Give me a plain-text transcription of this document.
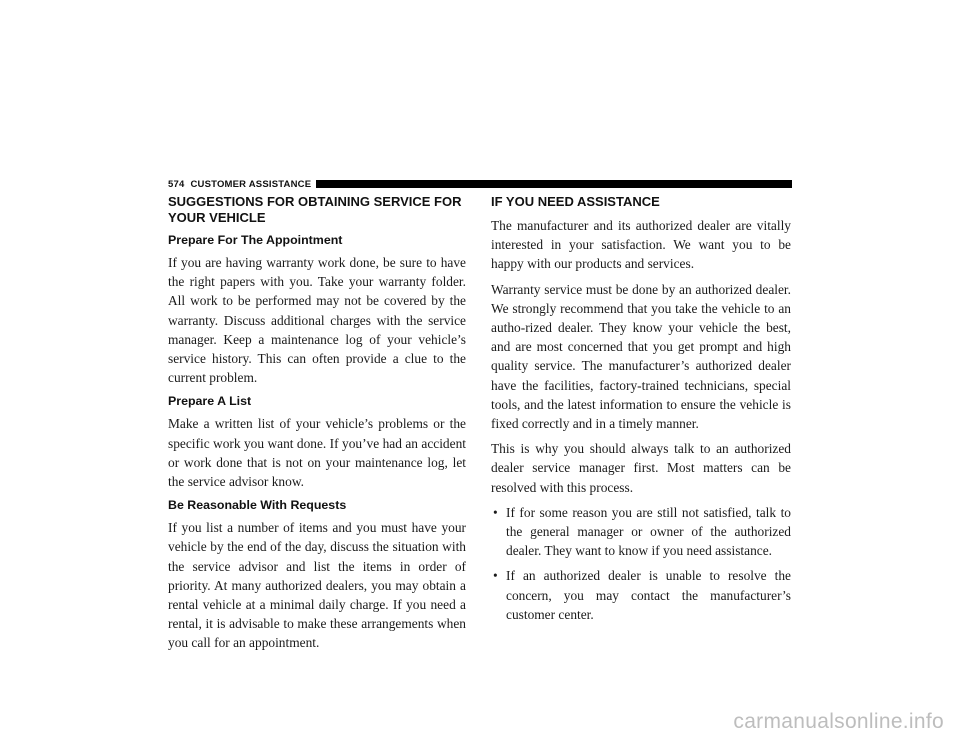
574 CUSTOMER ASSISTANCE
SUGGESTIONS FOR OBTAINING SERVICE FOR YOUR VEHICLE
Prepare For The Appointment

If you are having warranty work done, be sure to have the right papers with you. Take your warranty folder. All work to be performed may not be covered by the warranty. Discuss additional charges with the service manager. Keep a maintenance log of your vehicle’s service history. This can often provide a clue to the current problem.

Prepare A List

Make a written list of your vehicle’s problems or the specific work you want done. If you’ve had an accident or work done that is not on your maintenance log, let the service advisor know.

Be Reasonable With Requests

If you list a number of items and you must have your vehicle by the end of the day, discuss the situation with the service advisor and list the items in order of priority. At many authorized dealers, you may obtain a rental vehicle at a minimal daily charge. If you need a rental, it is advisable to make these arrangements when you call for an appointment.

IF YOU NEED ASSISTANCE

The manufacturer and its authorized dealer are vitally interested in your satisfaction. We want you to be happy with our products and services.

Warranty service must be done by an authorized dealer. We strongly recommend that you take the vehicle to an autho-rized dealer. They know your vehicle the best, and are most concerned that you get prompt and high quality service. The manufacturer’s authorized dealer have the facilities, factory-trained technicians, special tools, and the latest information to ensure the vehicle is fixed correctly and in a timely manner.

This is why you should always talk to an authorized dealer service manager first. Most matters can be resolved with this process.

• If for some reason you are still not satisfied, talk to the general manager or owner of the authorized dealer. They want to know if you need assistance.
• If an authorized dealer is unable to resolve the concern, you may contact the manufacturer’s customer center.
carmanualsonline.info
